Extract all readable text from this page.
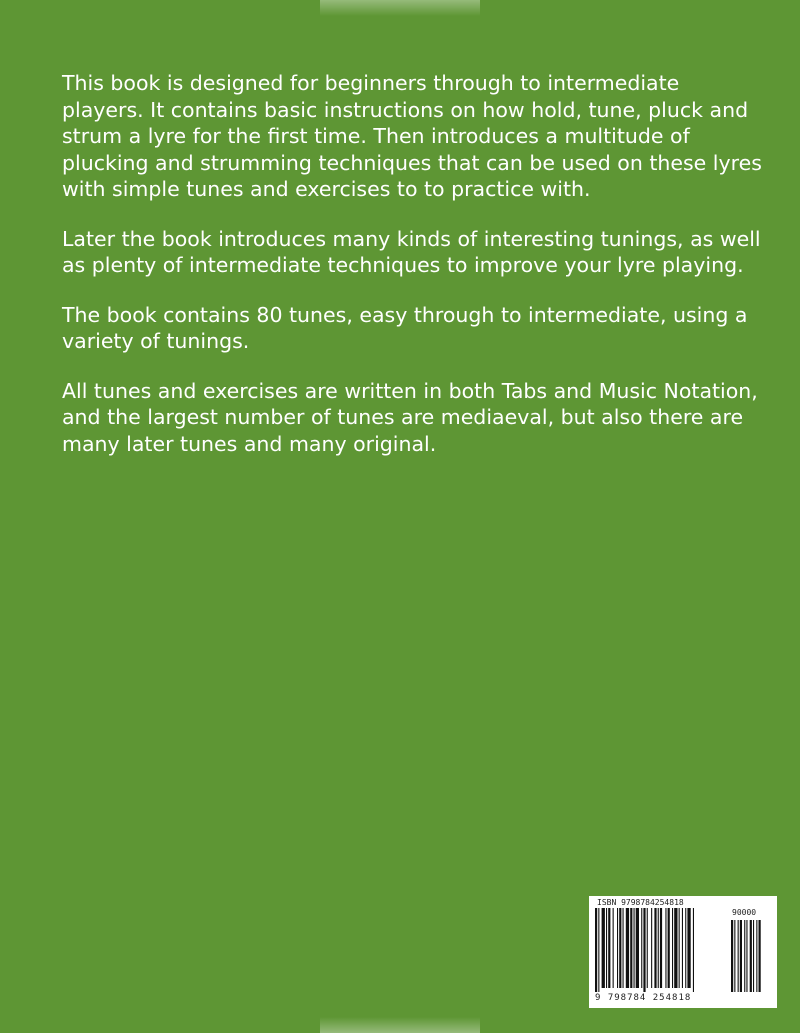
This book is designed for beginners through to intermediate players. It contains basic instructions on how hold, tune, pluck and strum a lyre for the first time. Then introduces a multitude of plucking and strumming techniques that can be used on these lyres with simple tunes and exercises to to practice with.

Later the book introduces many kinds of interesting tunings, as well as plenty of intermediate techniques to improve your lyre playing.

The book contains 80 tunes, easy through to intermediate, using a variety of tunings.

All tunes and exercises are written in both Tabs and Music Notation, and the largest number of tunes are mediaeval, but also there are many later tunes and many original.

ISBN 9798784254818
90000
9 798784 254818
